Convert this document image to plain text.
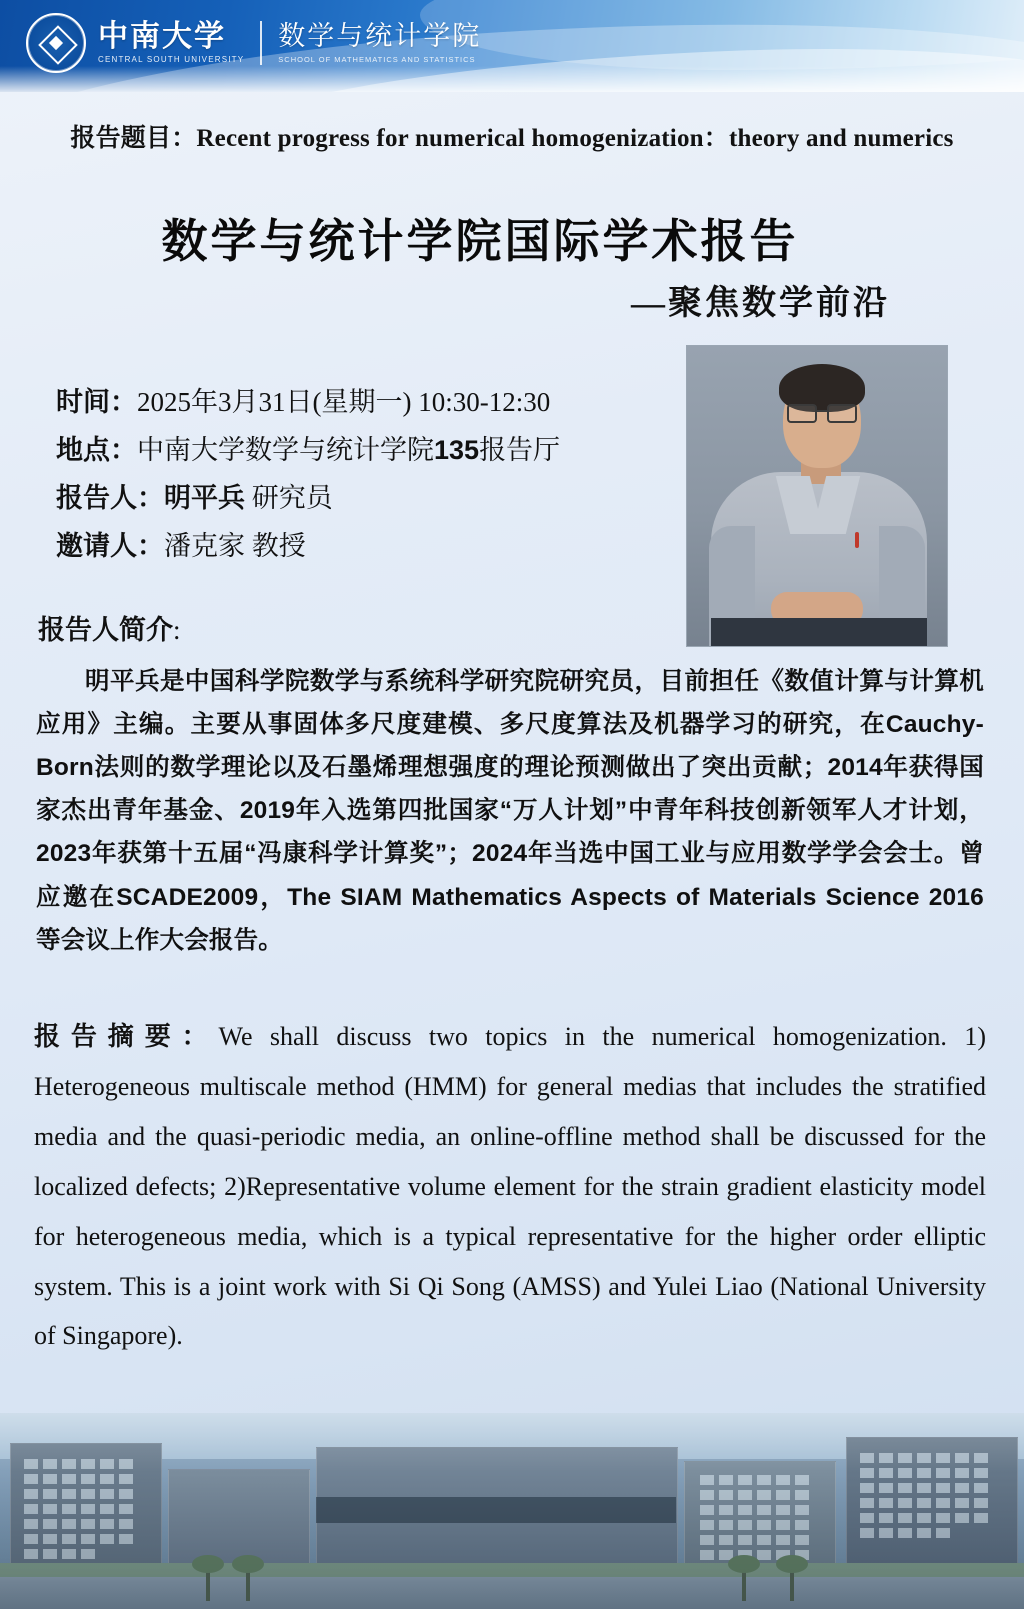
中南大学
CENTRAL SOUTH UNIVERSITY
数学与统计学院
SCHOOL OF MATHEMATICS AND STATISTICS
报告题目：Recent progress for numerical homogenization：theory and numerics
数学与统计学院国际学术报告
—聚焦数学前沿
时间：2025年3月31日(星期一) 10:30-12:30
地点：中南大学数学与统计学院135报告厅
报告人：明平兵 研究员
邀请人：潘克家 教授
报告人简介:
明平兵是中国科学院数学与系统科学研究院研究员，目前担任《数值计算与计算机应用》主编。主要从事固体多尺度建模、多尺度算法及机器学习的研究，在Cauchy-Born法则的数学理论以及石墨烯理想强度的理论预测做出了突出贡献；2014年获得国家杰出青年基金、2019年入选第四批国家“万人计划”中青年科技创新领军人才计划，2023年获第十五届“冯康科学计算奖”；2024年当选中国工业与应用数学学会会士。曾应邀在SCADE2009，The SIAM Mathematics Aspects of Materials Science 2016等会议上作大会报告。
报告摘要：We shall discuss two topics in the numerical homogenization. 1) Heterogeneous multiscale method (HMM) for general medias that includes the stratified media and the quasi-periodic media, an online-offline method shall be discussed for the localized defects; 2)Representative volume element for the strain gradient elasticity model for heterogeneous media, which is a typical representative for the higher order elliptic system. This is a joint work with Si Qi Song (AMSS) and Yulei Liao (National University of Singapore).
